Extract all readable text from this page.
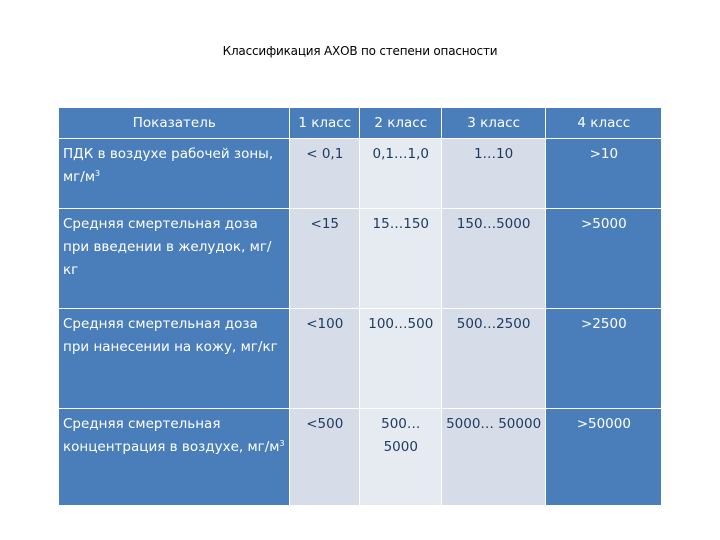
Классификация АХОВ по степени опасности
Показатель	1 класс	2 класс	3 класс	4 класс
ПДК в воздухе рабочей зоны, $мг/м^3$	< 0,1	0,1…1,0	1…10	>10
Средняя смертельная доза при введении в желудок, мг/кг	<15	15…150	150…5000	>5000
Средняя смертельная доза при нанесении на кожу, мг/кг	<100	100…500	500…2500	>2500
Средняя смертельная концентрация в воздухе, $мг/м^3$	<500	500… 5000	5000… 50000	>50000
